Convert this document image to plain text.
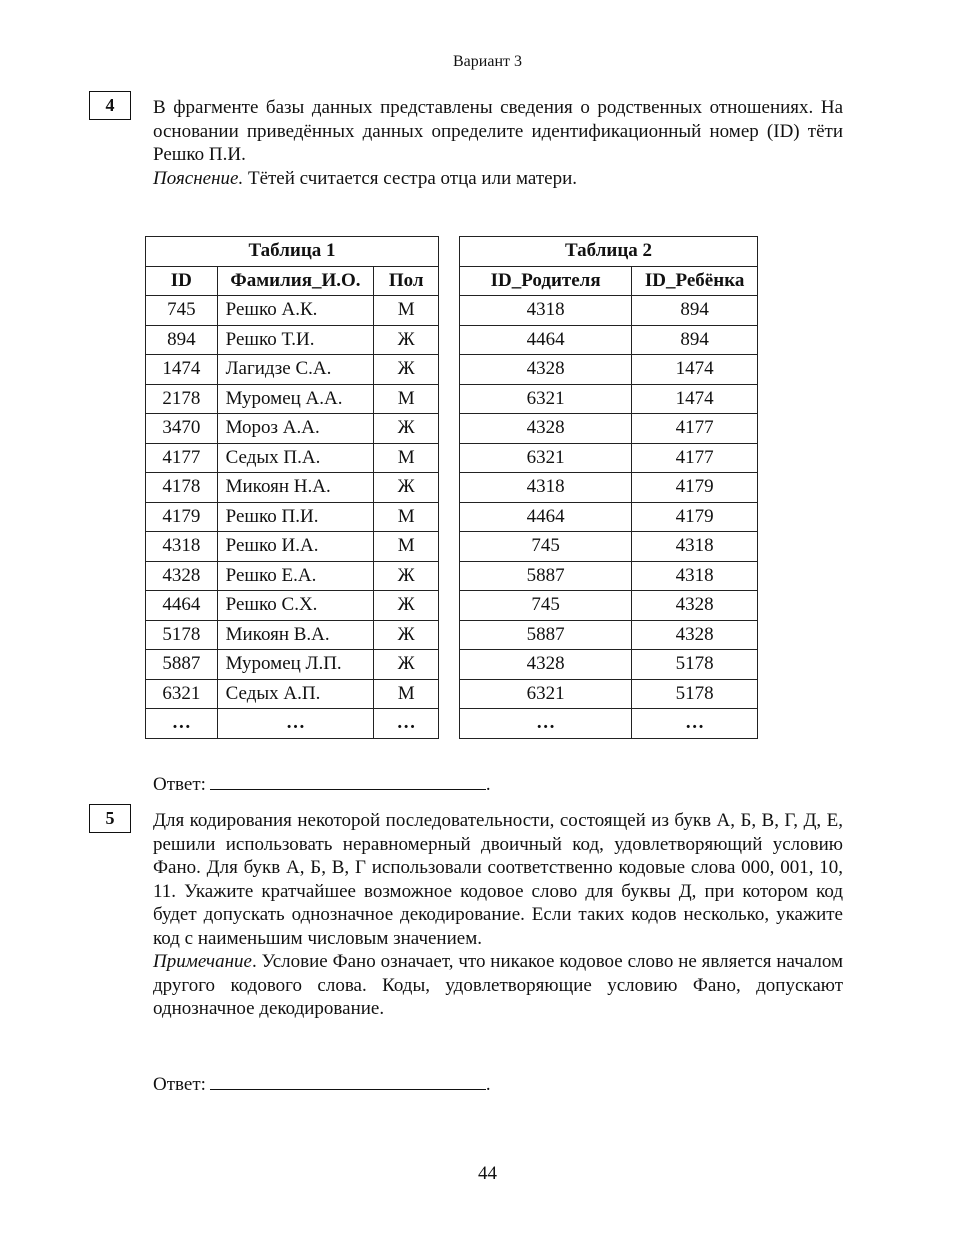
Вариант 3
4	В фрагменте базы данных представлены сведения о родственных отношениях. На основании приведённых данных определите идентификационный номер (ID) тёти Решко П.И.
Пояснение. Тётей считается сестра отца или матери.

Таблица 1		
ID	Фамилия_И.О.	Пол
745	Решко А.К.	М
894	Решко Т.И.	Ж
1474	Лагидзе С.А.	Ж
2178	Муромец А.А.	М
3470	Мороз А.А.	Ж
4177	Седых П.А.	М
4178	Микоян Н.А.	Ж
4179	Решко П.И.	М
4318	Решко И.А.	М
4328	Решко Е.А.	Ж
4464	Решко С.Х.	Ж
5178	Микоян В.А.	Ж
5887	Муромец Л.П.	Ж
6321	Седых А.П.	М
…	…	…
Таблица 2	
ID_Родителя	ID_Ребёнка
4318	894
4464	894
4328	1474
6321	1474
4328	4177
6321	4177
4318	4179
4464	4179
745	4318
5887	4318
745	4328
5887	4328
4328	5178
6321	5178
…	…
Ответ:	.
5	Для кодирования некоторой последовательности, состоящей из букв А, Б, В, Г, Д, Е, решили использовать неравномерный двоичный код, удовлетворяющий условию Фано. Для букв А, Б, В, Г использовали соответственно кодовые слова 000, 001, 10, 11. Укажите кратчайшее возможное кодовое слово для буквы Д, при котором код будет допускать однозначное декодирование. Если таких кодов несколько, укажите код с наименьшим числовым значением.
Примечание. Условие Фано означает, что никакое кодовое слово не является началом другого кодового слова. Коды, удовлетворяющие условию Фано, допускают однозначное декодирование.

Ответ:	.
44
